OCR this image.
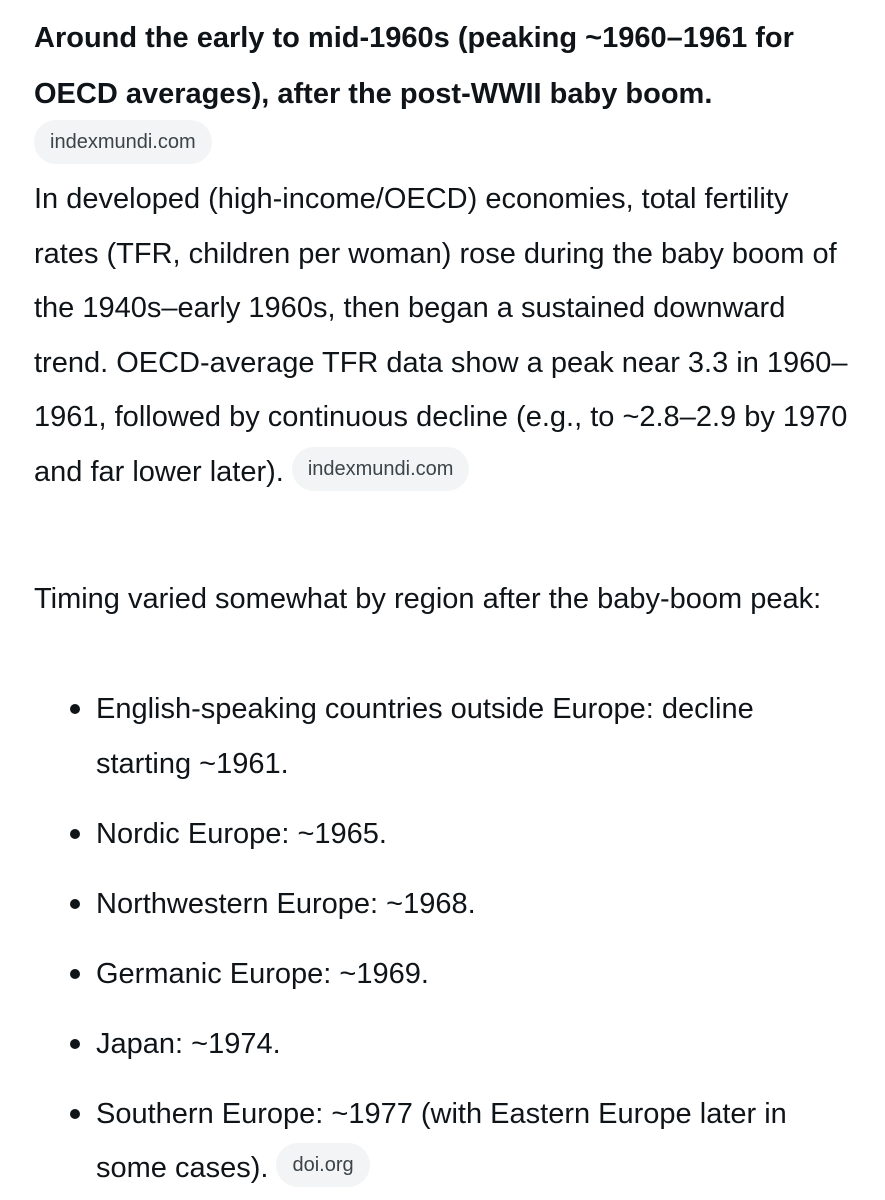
Around the early to mid-1960s (peaking ~1960–1961 for OECD averages), after the post-WWII baby boom.

indexmundi.com

In developed (high-income/OECD) economies, total fertility rates (TFR, children per woman) rose during the baby boom of the 1940s–early 1960s, then began a sustained downward trend. OECD-average TFR data show a peak near 3.3 in 1960–1961, followed by continuous decline (e.g., to ~2.8–2.9 by 1970 and far lower later). indexmundi.com

Timing varied somewhat by region after the baby-boom peak:

English-speaking countries outside Europe: decline starting ~1961.
Nordic Europe: ~1965.
Northwestern Europe: ~1968.
Germanic Europe: ~1969.
Japan: ~1974.
Southern Europe: ~1977 (with Eastern Europe later in some cases). doi.org
